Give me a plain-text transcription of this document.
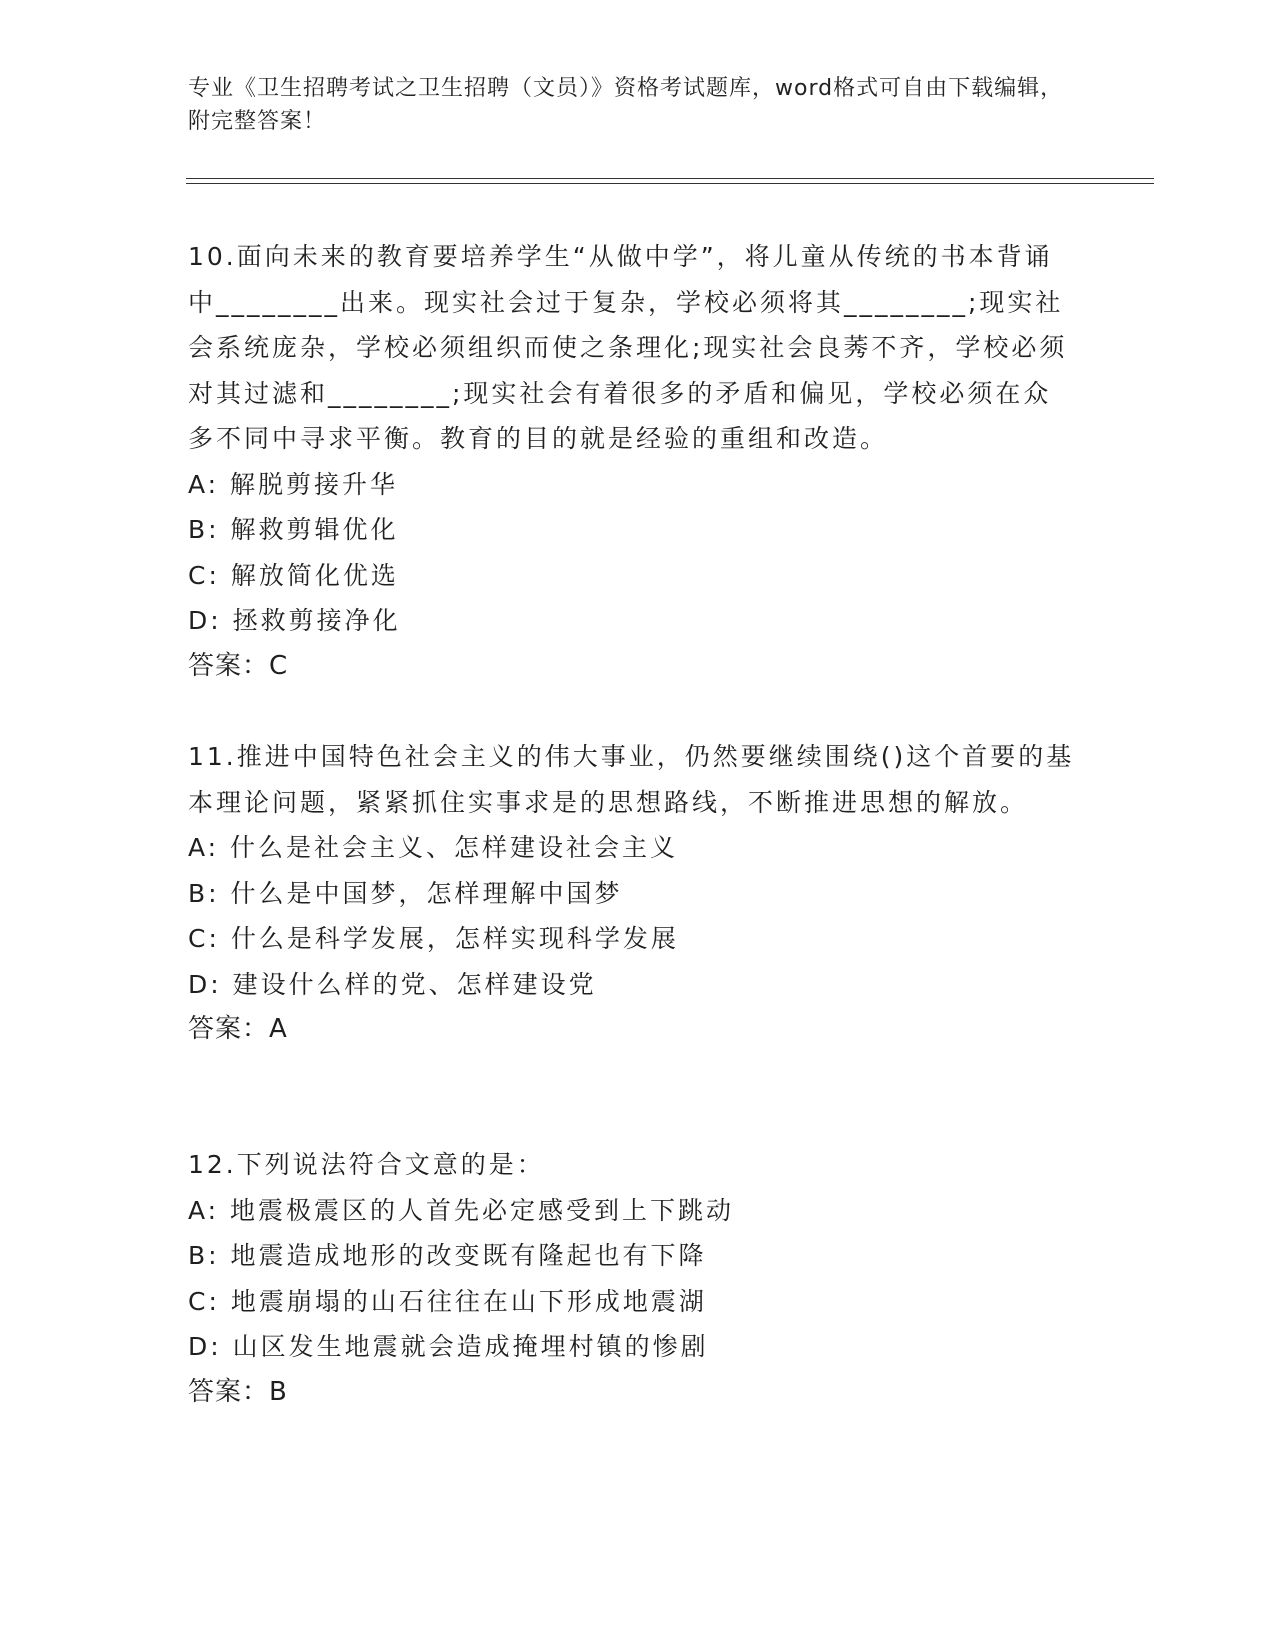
专业《卫生招聘考试之卫生招聘（文员）》资格考试题库，word格式可自由下载编辑，附完整答案！

10.面向未来的教育要培养学生“从做中学”，将儿童从传统的书本背诵中________出来。现实社会过于复杂，学校必须将其________;现实社会系统庞杂，学校必须组织而使之条理化;现实社会良莠不齐，学校必须对其过滤和________;现实社会有着很多的矛盾和偏见，学校必须在众多不同中寻求平衡。教育的目的就是经验的重组和改造。

A: 解脱剪接升华

B: 解救剪辑优化

C: 解放简化优选

D: 拯救剪接净化

答案：C

11.推进中国特色社会主义的伟大事业，仍然要继续围绕()这个首要的基本理论问题，紧紧抓住实事求是的思想路线，不断推进思想的解放。

A: 什么是社会主义、怎样建设社会主义

B: 什么是中国梦，怎样理解中国梦

C: 什么是科学发展，怎样实现科学发展

D: 建设什么样的党、怎样建设党

答案：A

12.下列说法符合文意的是：

A: 地震极震区的人首先必定感受到上下跳动

B: 地震造成地形的改变既有隆起也有下降

C: 地震崩塌的山石往往在山下形成地震湖

D: 山区发生地震就会造成掩埋村镇的惨剧

答案：B
